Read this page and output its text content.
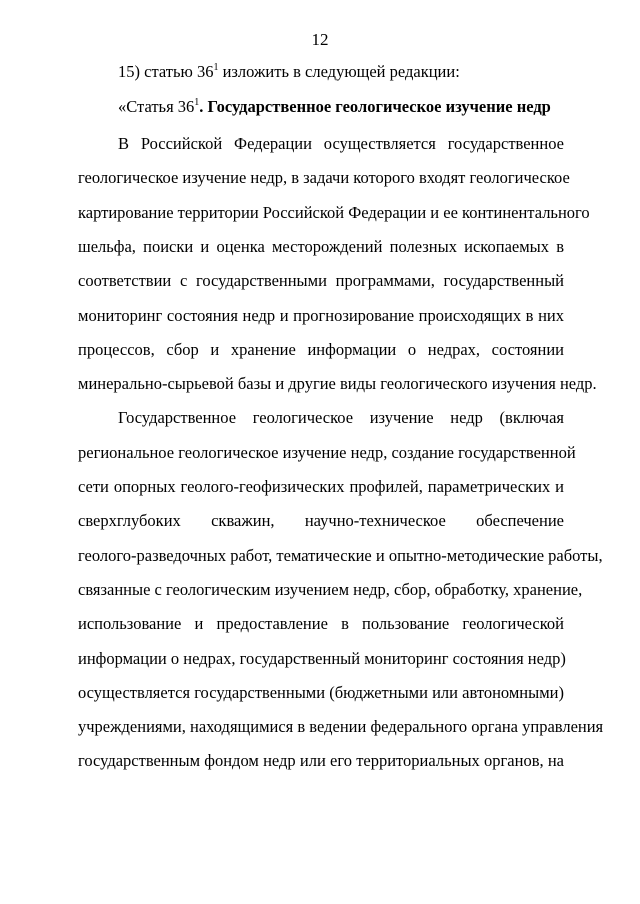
12
15) статью $36^1$ изложить в следующей редакции:
«Статья $36^1$. Государственное геологическое изучение недр
В Российской Федерации осуществляется государственное
геологическое изучение недр, в задачи которого входят геологическое
картирование территории Российской Федерации и ее континентального
шельфа, поиски и оценка месторождений полезных ископаемых в
соответствии с государственными программами, государственный
мониторинг состояния недр и прогнозирование происходящих в них
процессов, сбор и хранение информации о недрах, состоянии
минерально-сырьевой базы и другие виды геологического изучения недр.
Государственное геологическое изучение недр (включая
региональное геологическое изучение недр, создание государственной
сети опорных геолого-геофизических профилей, параметрических и
сверхглубоких скважин, научно-техническое обеспечение
геолого-разведочных работ, тематические и опытно-методические работы,
связанные с геологическим изучением недр, сбор, обработку, хранение,
использование и предоставление в пользование геологической
информации о недрах, государственный мониторинг состояния недр)
осуществляется государственными (бюджетными или автономными)
учреждениями, находящимися в ведении федерального органа управления
государственным фондом недр или его территориальных органов, на
